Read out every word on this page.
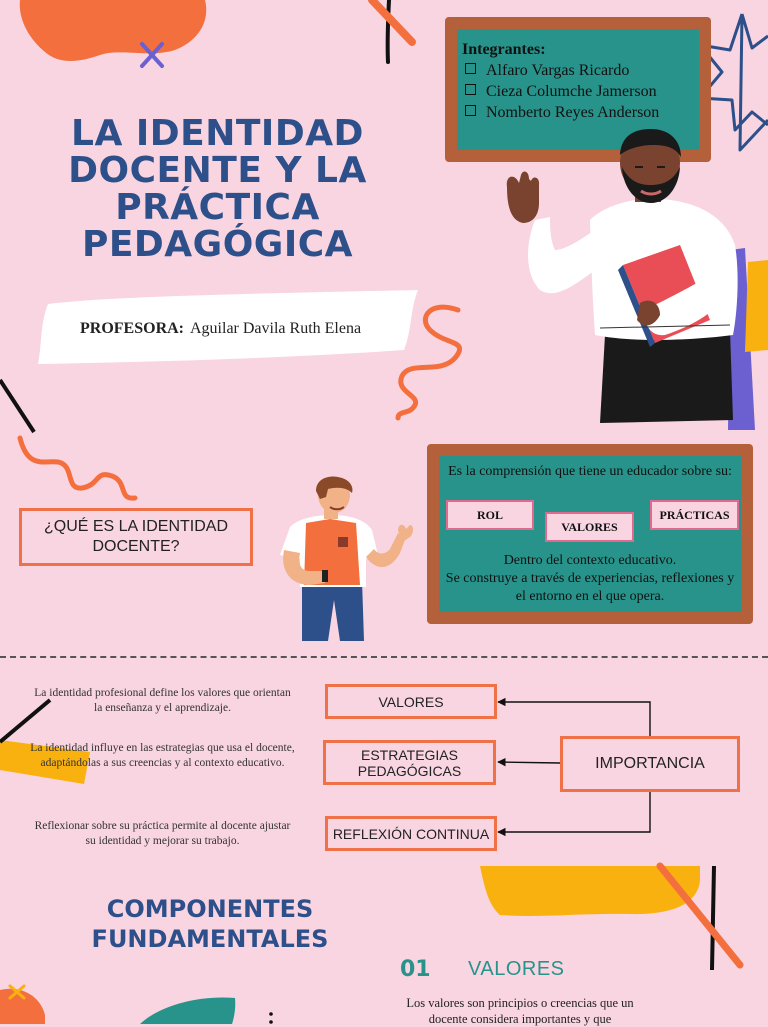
LA IDENTIDAD
DOCENTE Y LA
PRÁCTICA
PEDAGÓGICA
Integrantes:
Alfaro Vargas Ricardo
Cieza Columche Jamerson
Nomberto Reyes Anderson
PROFESORA: Aguilar Davila Ruth Elena
¿QUÉ ES LA IDENTIDAD DOCENTE?
Es la comprensión que tiene un educador sobre su:
ROL
VALORES
PRÁCTICAS
Dentro del contexto educativo.
Se construye a través de experiencias, reflexiones y el entorno en el que opera.
La identidad profesional define los valores que orientan la enseñanza y el aprendizaje.
La identidad influye en las estrategias que usa el docente, adaptándolas a sus creencias y al contexto educativo.
Reflexionar sobre su práctica permite al docente ajustar su identidad y mejorar su trabajo.
VALORES
ESTRATEGIAS PEDAGÓGICAS
REFLEXIÓN CONTINUA
IMPORTANCIA
COMPONENTES FUNDAMENTALES
01 VALORES
Los valores son principios o creencias que un docente considera importantes y que
